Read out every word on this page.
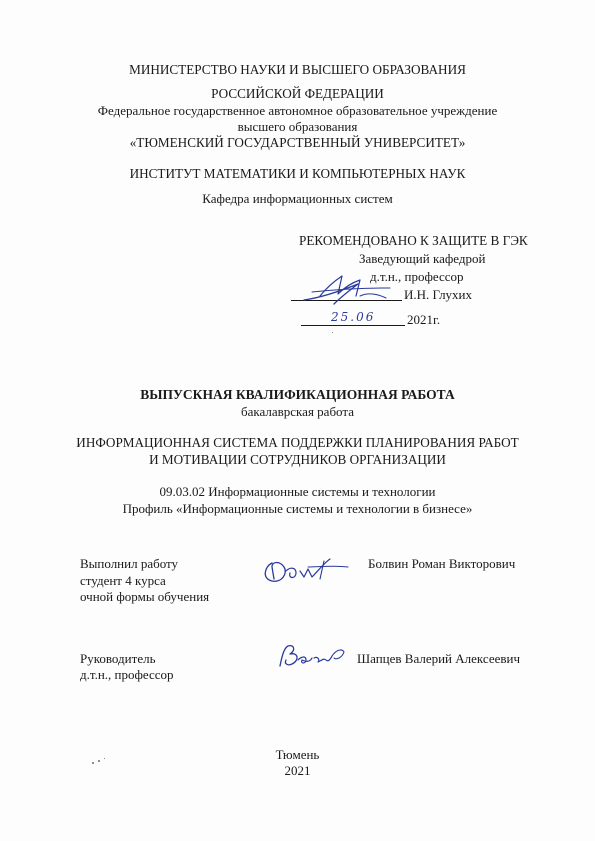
МИНИСТЕРСТВО НАУКИ И ВЫСШЕГО ОБРАЗОВАНИЯ
РОССИЙСКОЙ ФЕДЕРАЦИИ
Федеральное государственное автономное образовательное учреждение
высшего образования
«ТЮМЕНСКИЙ ГОСУДАРСТВЕННЫЙ УНИВЕРСИТЕТ»
ИНСТИТУТ МАТЕМАТИКИ И КОМПЬЮТЕРНЫХ НАУК
Кафедра информационных систем
РЕКОМЕНДОВАНО К ЗАЩИТЕ В ГЭК
Заведующий кафедрой
д.т.н., профессор
И.Н. Глухих
25.06 2021г.
ВЫПУСКНАЯ КВАЛИФИКАЦИОННАЯ РАБОТА
бакалаврская работа
ИНФОРМАЦИОННАЯ СИСТЕМА ПОДДЕРЖКИ ПЛАНИРОВАНИЯ РАБОТ
И МОТИВАЦИИ СОТРУДНИКОВ ОРГАНИЗАЦИИ
09.03.02 Информационные системы и технологии
Профиль «Информационные системы и технологии в бизнесе»
Выполнил работу
студент 4 курса
очной формы обучения
Болвин Роман Викторович
Руководитель
д.т.н., профессор
Шапцев Валерий Алексеевич
Тюмень
2021
